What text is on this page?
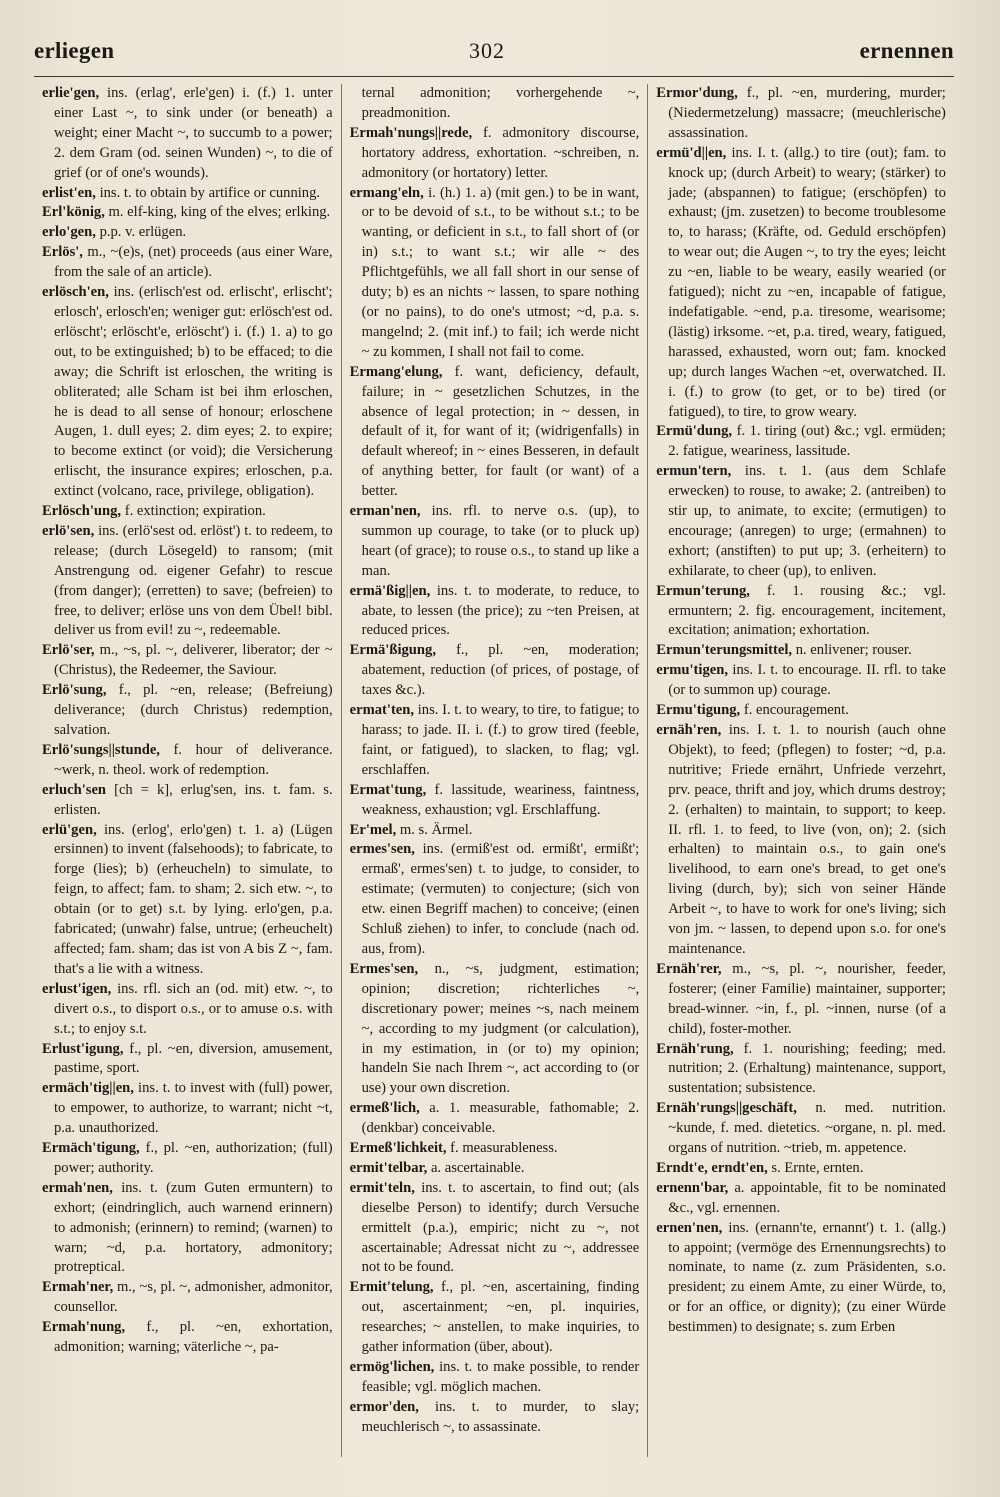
erliegen	302	ernennen

erlie'gen, ins. (erlag', erle'gen) i. (f.) 1. unter einer Last ~, to sink under (or beneath) a weight; einer Macht ~, to succumb to a power; 2. dem Gram (od. seinen Wunden) ~, to die of grief (or of one's wounds).

erlist'en, ins. t. to obtain by artifice or cunning.

Erl'könig, m. elf-king, king of the elves; erlking.

erlo'gen, p.p. v. erlügen.

Erlös', m., ~(e)s, (net) proceeds (aus einer Ware, from the sale of an article).

erlösch'en, ins. (erlisch'est od. erlischt', erlischt'; erlosch', erlosch'en; weniger gut: erlösch'est od. erlöscht'; erlöscht'e, erlöscht') i. (f.) 1. a) to go out, to be extinguished; b) to be effaced; to die away; die Schrift ist erloschen, the writing is obliterated; alle Scham ist bei ihm erloschen, he is dead to all sense of honour; erloschene Augen, 1. dull eyes; 2. dim eyes; 2. to expire; to become extinct (or void); die Versicherung erlischt, the insurance expires; erloschen, p.a. extinct (volcano, race, privilege, obligation).

Erlösch'ung, f. extinction; expiration.

erlö'sen, ins. (erlö'sest od. erlöst') t. to redeem, to release; (durch Lösegeld) to ransom; (mit Anstrengung od. eigener Gefahr) to rescue (from danger); (erretten) to save; (befreien) to free, to deliver; erlöse uns von dem Übel! bibl. deliver us from evil! zu ~, redeemable.

Erlö'ser, m., ~s, pl. ~, deliverer, liberator; der ~ (Christus), the Redeemer, the Saviour.

Erlö'sung, f., pl. ~en, release; (Befreiung) deliverance; (durch Christus) redemption, salvation.

Erlö'sungs||stunde, f. hour of deliverance. ~werk, n. theol. work of redemption.

erluch'sen [ch = k], erlug'sen, ins. t. fam. s. erlisten.

erlü'gen, ins. (erlog', erlo'gen) t. 1. a) (Lügen ersinnen) to invent (falsehoods); to fabricate, to forge (lies); b) (erheucheln) to simulate, to feign, to affect; fam. to sham; 2. sich etw. ~, to obtain (or to get) s.t. by lying. erlo'gen, p.a. fabricated; (unwahr) false, untrue; (erheuchelt) affected; fam. sham; das ist von A bis Z ~, fam. that's a lie with a witness.

erlust'igen, ins. rfl. sich an (od. mit) etw. ~, to divert o.s., to disport o.s., or to amuse o.s. with s.t.; to enjoy s.t.

Erlust'igung, f., pl. ~en, diversion, amusement, pastime, sport.

ermäch'tig||en, ins. t. to invest with (full) power, to empower, to authorize, to warrant; nicht ~t, p.a. unauthorized.

Ermäch'tigung, f., pl. ~en, authorization; (full) power; authority.

ermah'nen, ins. t. (zum Guten ermuntern) to exhort; (eindringlich, auch warnend erinnern) to admonish; (erinnern) to remind; (warnen) to warn; ~d, p.a. hortatory, admonitory; protreptical.

Ermah'ner, m., ~s, pl. ~, admonisher, admonitor, counsellor.

Ermah'nung, f., pl. ~en, exhortation, admonition; warning; väterliche ~, pa-

ternal admonition; vorhergehende ~, preadmonition.

Ermah'nungs||rede, f. admonitory discourse, hortatory address, exhortation. ~schreiben, n. admonitory (or hortatory) letter.

ermang'eln, i. (h.) 1. a) (mit gen.) to be in want, or to be devoid of s.t., to be without s.t.; to be wanting, or deficient in s.t., to fall short of (or in) s.t.; to want s.t.; wir alle ~ des Pflichtgefühls, we all fall short in our sense of duty; b) es an nichts ~ lassen, to spare nothing (or no pains), to do one's utmost; ~d, p.a. s. mangelnd; 2. (mit inf.) to fail; ich werde nicht ~ zu kommen, I shall not fail to come.

Ermang'elung, f. want, deficiency, default, failure; in ~ gesetzlichen Schutzes, in the absence of legal protection; in ~ dessen, in default of it, for want of it; (widrigenfalls) in default whereof; in ~ eines Besseren, in default of anything better, for fault (or want) of a better.

erman'nen, ins. rfl. to nerve o.s. (up), to summon up courage, to take (or to pluck up) heart (of grace); to rouse o.s., to stand up like a man.

ermä'ßig||en, ins. t. to moderate, to reduce, to abate, to lessen (the price); zu ~ten Preisen, at reduced prices.

Ermä'ßigung, f., pl. ~en, moderation; abatement, reduction (of prices, of postage, of taxes &c.).

ermat'ten, ins. I. t. to weary, to tire, to fatigue; to harass; to jade. II. i. (f.) to grow tired (feeble, faint, or fatigued), to slacken, to flag; vgl. erschlaffen.

Ermat'tung, f. lassitude, weariness, faintness, weakness, exhaustion; vgl. Erschlaffung.

Er'mel, m. s. Ärmel.

ermes'sen, ins. (ermiß'est od. ermißt', ermißt'; ermaß', ermes'sen) t. to judge, to consider, to estimate; (vermuten) to conjecture; (sich von etw. einen Begriff machen) to conceive; (einen Schluß ziehen) to infer, to conclude (nach od. aus, from).

Ermes'sen, n., ~s, judgment, estimation; opinion; discretion; richterliches ~, discretionary power; meines ~s, nach meinem ~, according to my judgment (or calculation), in my estimation, in (or to) my opinion; handeln Sie nach Ihrem ~, act according to (or use) your own discretion.

ermeß'lich, a. 1. measurable, fathomable; 2. (denkbar) conceivable.

Ermeß'lichkeit, f. measurableness.

ermit'telbar, a. ascertainable.

ermit'teln, ins. t. to ascertain, to find out; (als dieselbe Person) to identify; durch Versuche ermittelt (p.a.), empiric; nicht zu ~, not ascertainable; Adressat nicht zu ~, addressee not to be found.

Ermit'telung, f., pl. ~en, ascertaining, finding out, ascertainment; ~en, pl. inquiries, researches; ~ anstellen, to make inquiries, to gather information (über, about).

ermög'lichen, ins. t. to make possible, to render feasible; vgl. möglich machen.

ermor'den, ins. t. to murder, to slay; meuchlerisch ~, to assassinate.

Ermor'dung, f., pl. ~en, murdering, murder; (Niedermetzelung) massacre; (meuchlerische) assassination.

ermü'd||en, ins. I. t. (allg.) to tire (out); fam. to knock up; (durch Arbeit) to weary; (stärker) to jade; (abspannen) to fatigue; (erschöpfen) to exhaust; (jm. zusetzen) to become troublesome to, to harass; (Kräfte, od. Geduld erschöpfen) to wear out; die Augen ~, to try the eyes; leicht zu ~en, liable to be weary, easily wearied (or fatigued); nicht zu ~en, incapable of fatigue, indefatigable. ~end, p.a. tiresome, wearisome; (lästig) irksome. ~et, p.a. tired, weary, fatigued, harassed, exhausted, worn out; fam. knocked up; durch langes Wachen ~et, overwatched. II. i. (f.) to grow (to get, or to be) tired (or fatigued), to tire, to grow weary.

Ermü'dung, f. 1. tiring (out) &c.; vgl. ermüden; 2. fatigue, weariness, lassitude.

ermun'tern, ins. t. 1. (aus dem Schlafe erwecken) to rouse, to awake; 2. (antreiben) to stir up, to animate, to excite; (ermutigen) to encourage; (anregen) to urge; (ermahnen) to exhort; (anstiften) to put up; 3. (erheitern) to exhilarate, to cheer (up), to enliven.

Ermun'terung, f. 1. rousing &c.; vgl. ermuntern; 2. fig. encouragement, incitement, excitation; animation; exhortation.

Ermun'terungsmittel, n. enlivener; rouser.

ermu'tigen, ins. I. t. to encourage. II. rfl. to take (or to summon up) courage.

Ermu'tigung, f. encouragement.

ernäh'ren, ins. I. t. 1. to nourish (auch ohne Objekt), to feed; (pflegen) to foster; ~d, p.a. nutritive; Friede ernährt, Unfriede verzehrt, prv. peace, thrift and joy, which drums destroy; 2. (erhalten) to maintain, to support; to keep. II. rfl. 1. to feed, to live (von, on); 2. (sich erhalten) to maintain o.s., to gain one's livelihood, to earn one's bread, to get one's living (durch, by); sich von seiner Hände Arbeit ~, to have to work for one's living; sich von jm. ~ lassen, to depend upon s.o. for one's maintenance.

Ernäh'rer, m., ~s, pl. ~, nourisher, feeder, fosterer; (einer Familie) maintainer, supporter; bread-winner. ~in, f., pl. ~innen, nurse (of a child), foster-mother.

Ernäh'rung, f. 1. nourishing; feeding; med. nutrition; 2. (Erhaltung) maintenance, support, sustentation; subsistence.

Ernäh'rungs||geschäft, n. med. nutrition. ~kunde, f. med. dietetics. ~organe, n. pl. med. organs of nutrition. ~trieb, m. appetence.

Erndt'e, erndt'en, s. Ernte, ernten.

ernenn'bar, a. appointable, fit to be nominated &c., vgl. ernennen.

ernen'nen, ins. (ernann'te, ernannt') t. 1. (allg.) to appoint; (vermöge des Ernennungsrechts) to nominate, to name (z. zum Präsidenten, s.o. president; zu einem Amte, zu einer Würde, to, or for an office, or dignity); (zu einer Würde bestimmen) to designate; s. zum Erben
